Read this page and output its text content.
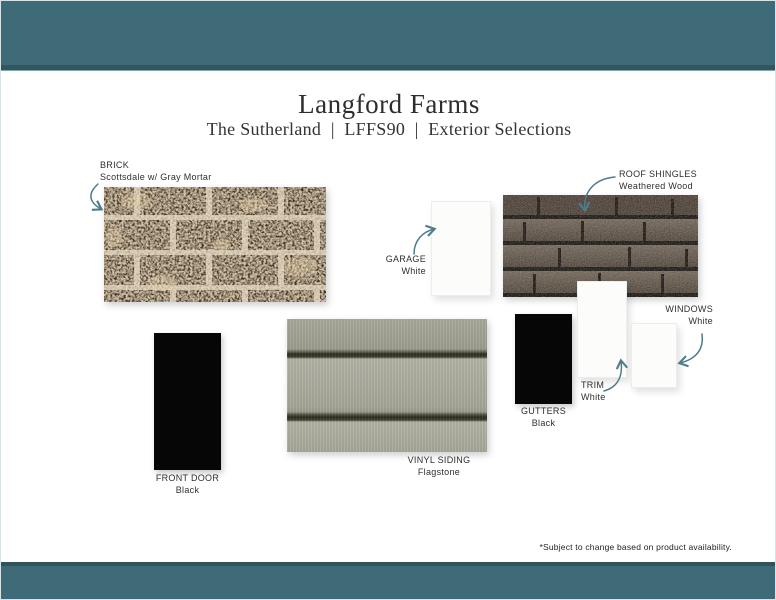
Langford Farms
The Sutherland  |  LFFS90  |  Exterior Selections
BRICK
Scottsdale w/ Gray Mortar
GARAGE
White
ROOF SHINGLES
Weathered Wood
GUTTERS
Black
TRIM
White
WINDOWS
White
FRONT DOOR
Black
VINYL SIDING
Flagstone
*Subject to change based on product availability.
